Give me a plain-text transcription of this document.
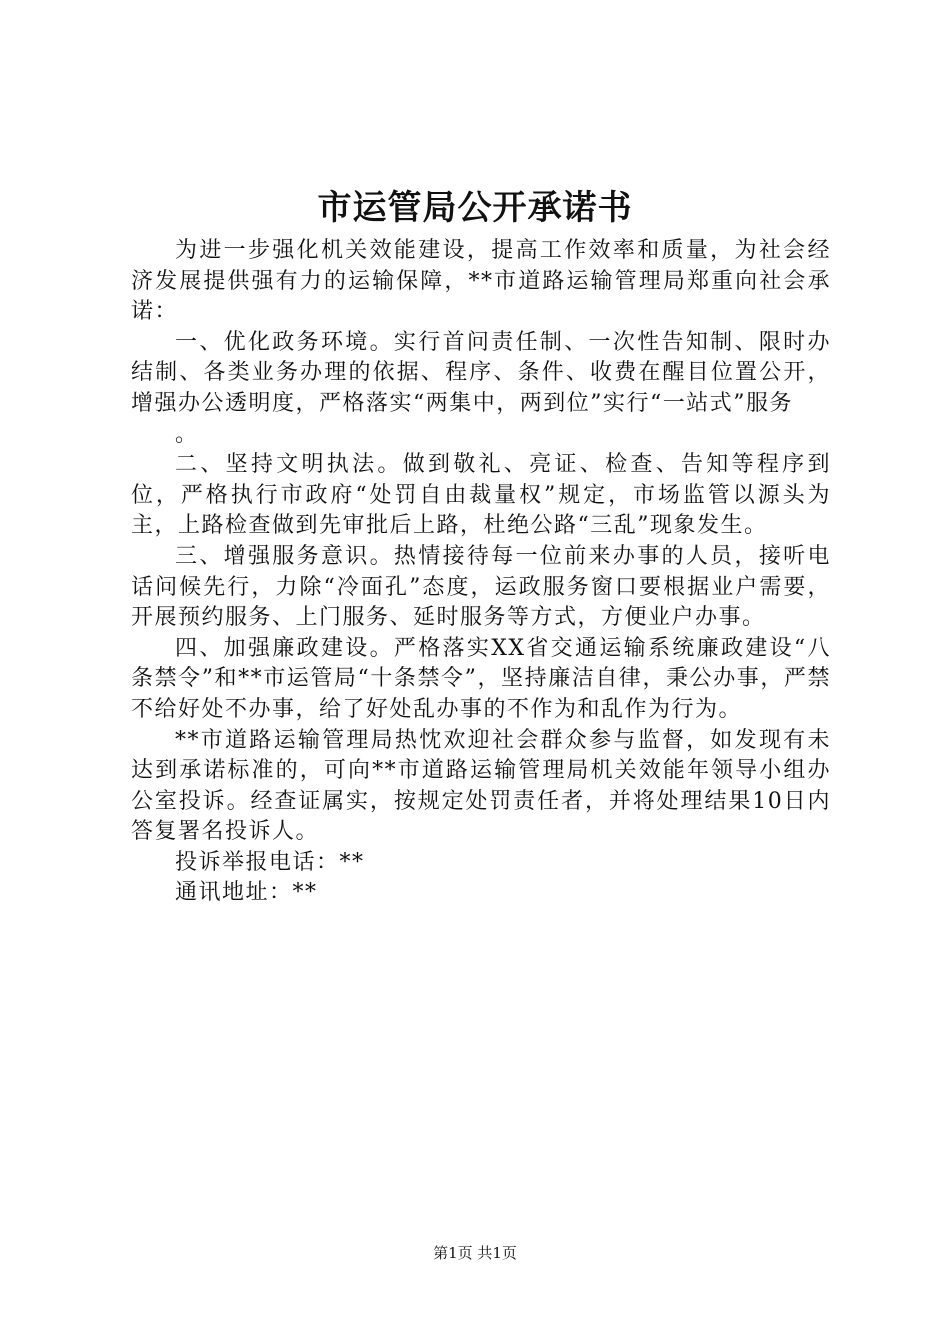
市运管局公开承诺书

为进一步强化机关效能建设，提高工作效率和质量，为社会经济发展提供强有力的运输保障，**市道路运输管理局郑重向社会承诺：

一、优化政务环境。实行首问责任制、一次性告知制、限时办结制、各类业务办理的依据、程序、条件、收费在醒目位置公开，增强办公透明度，严格落实“两集中，两到位”实行“一站式”服务

。

二、坚持文明执法。做到敬礼、亮证、检查、告知等程序到位，严格执行市政府“处罚自由裁量权”规定，市场监管以源头为主，上路检查做到先审批后上路，杜绝公路“三乱”现象发生。

三、增强服务意识。热情接待每一位前来办事的人员，接听电话问候先行，力除“冷面孔”态度，运政服务窗口要根据业户需要，开展预约服务、上门服务、延时服务等方式，方便业户办事。

四、加强廉政建设。严格落实XX省交通运输系统廉政建设“八条禁令”和**市运管局“十条禁令”，坚持廉洁自律，秉公办事，严禁不给好处不办事，给了好处乱办事的不作为和乱作为行为。

**市道路运输管理局热忱欢迎社会群众参与监督，如发现有未达到承诺标准的，可向**市道路运输管理局机关效能年领导小组办公室投诉。经查证属实，按规定处罚责任者，并将处理结果10日内答复署名投诉人。

投诉举报电话：**

通讯地址：**

第1页 共1页
